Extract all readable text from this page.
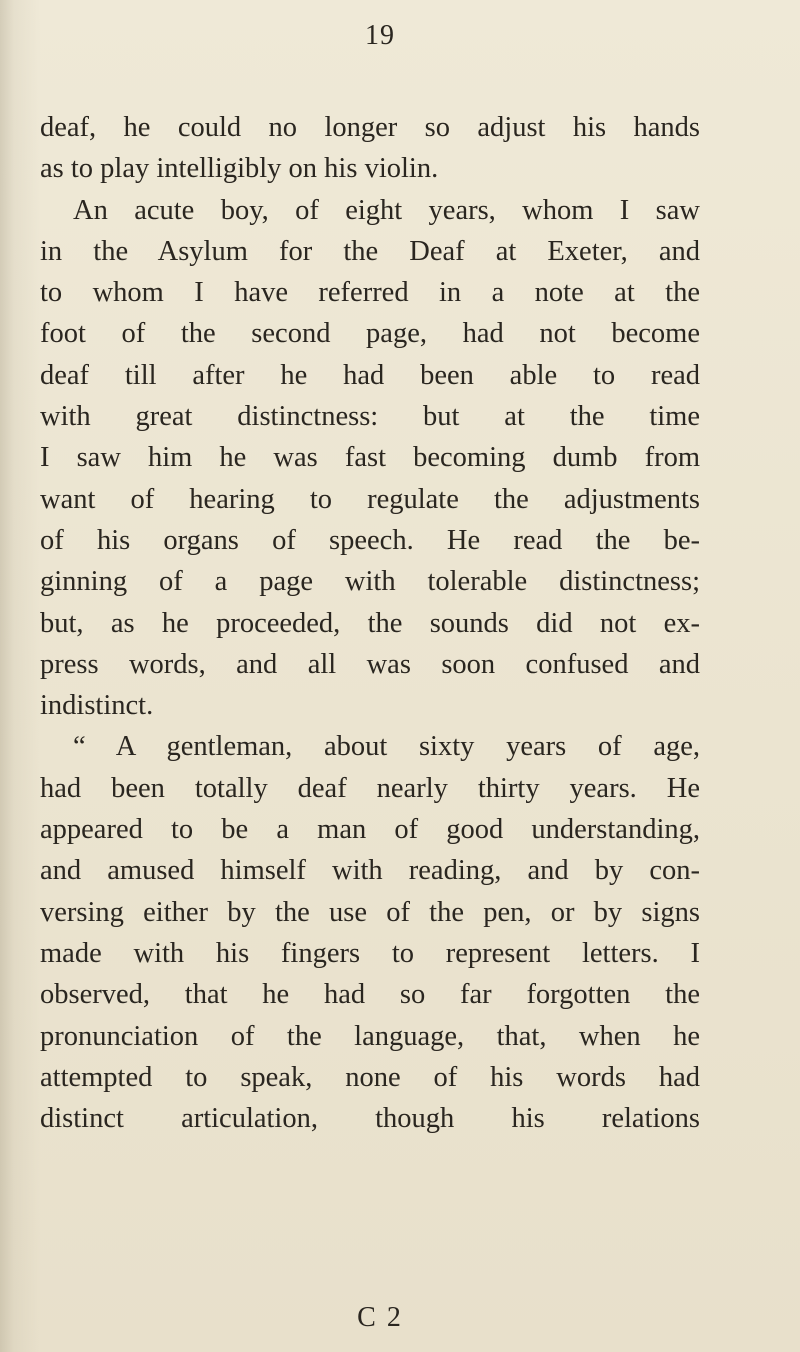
19
deaf, he could no longer so adjust his hands
as to play intelligibly on his violin.
An acute boy, of eight years, whom I saw
in the Asylum for the Deaf at Exeter, and
to whom I have referred in a note at the
foot of the second page, had not become
deaf till after he had been able to read
with great distinctness: but at the time
I saw him he was fast becoming dumb from
want of hearing to regulate the adjustments
of his organs of speech. He read the be-
ginning of a page with tolerable distinctness;
but, as he proceeded, the sounds did not ex-
press words, and all was soon confused and
indistinct.
“ A gentleman, about sixty years of age,
had been totally deaf nearly thirty years. He
appeared to be a man of good understanding,
and amused himself with reading, and by con-
versing either by the use of the pen, or by signs
made with his fingers to represent letters. I
observed, that he had so far forgotten the
pronunciation of the language, that, when he
attempted to speak, none of his words had
distinct articulation, though his relations
C 2
